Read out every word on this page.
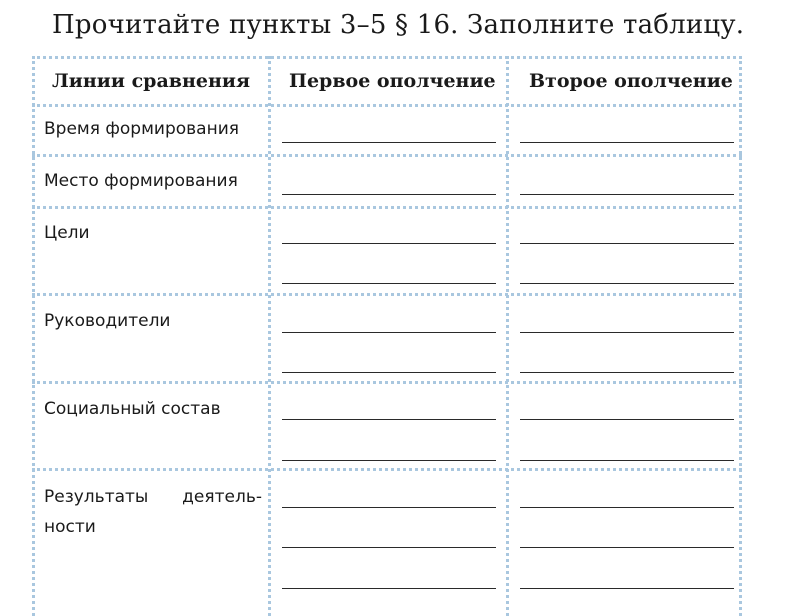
Прочитайте пункты 3–5 § 16. Заполните таблицу.
Линии сравнения Первое ополчение Второе ополчение
Время формирования
Место формирования
Цели
Руководители
Социальный состав
Результаты деятель-
ности
